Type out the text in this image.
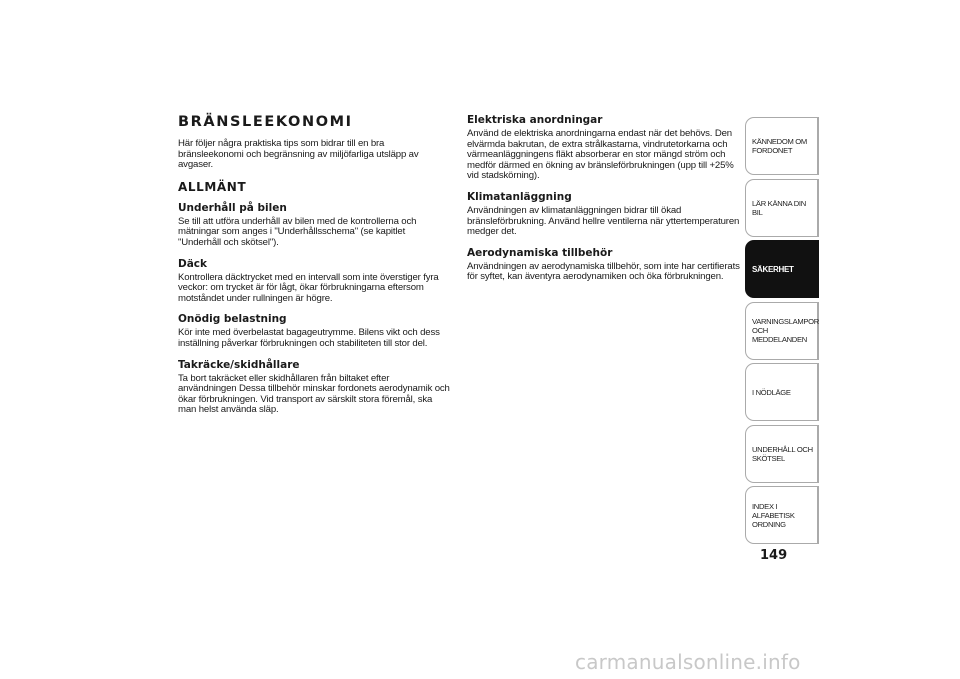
BRÄNSLEEKONOMI

Här följer några praktiska tips som bidrar till en bra bränsleekonomi och begränsning av miljöfarliga utsläpp av avgaser.

ALLMÄNT
Underhåll på bilen

Se till att utföra underhåll av bilen med de kontrollerna och mätningar som anges i "Underhållsschema" (se kapitlet "Underhåll och skötsel").

Däck

Kontrollera däcktrycket med en intervall som inte överstiger fyra veckor: om trycket är för lågt, ökar förbrukningarna eftersom motståndet under rullningen är högre.

Onödig belastning

Kör inte med överbelastat bagageutrymme. Bilens vikt och dess inställning påverkar förbrukningen och stabiliteten till stor del.

Takräcke/skidhållare

Ta bort takräcket eller skidhållaren från biltaket efter användningen Dessa tillbehör minskar fordonets aerodynamik och ökar förbrukningen. Vid transport av särskilt stora föremål, ska man helst använda släp.

Elektriska anordningar

Använd de elektriska anordningarna endast när det behövs. Den elvärmda bakrutan, de extra strålkastarna, vindrutetorkarna och värmeanläggningens fläkt absorberar en stor mängd ström och medför därmed en ökning av bränsleförbrukningen (upp till +25% vid stadskörning).

Klimatanläggning

Användningen av klimatanläggningen bidrar till ökad bränsleförbrukning. Använd hellre ventilerna när yttertemperaturen medger det.

Aerodynamiska tillbehör

Användningen av aerodynamiska tillbehör, som inte har certifierats för syftet, kan äventyra aerodynamiken och öka förbrukningen.

KÄNNEDOM OM FORDONET
LÄR KÄNNA DIN BIL
SÄKERHET
VARNINGSLAMPOR OCH MEDDELANDEN
I NÖDLÄGE
UNDERHÅLL OCH SKÖTSEL
INDEX I ALFABETISK ORDNING
149
carmanualsonline.info
